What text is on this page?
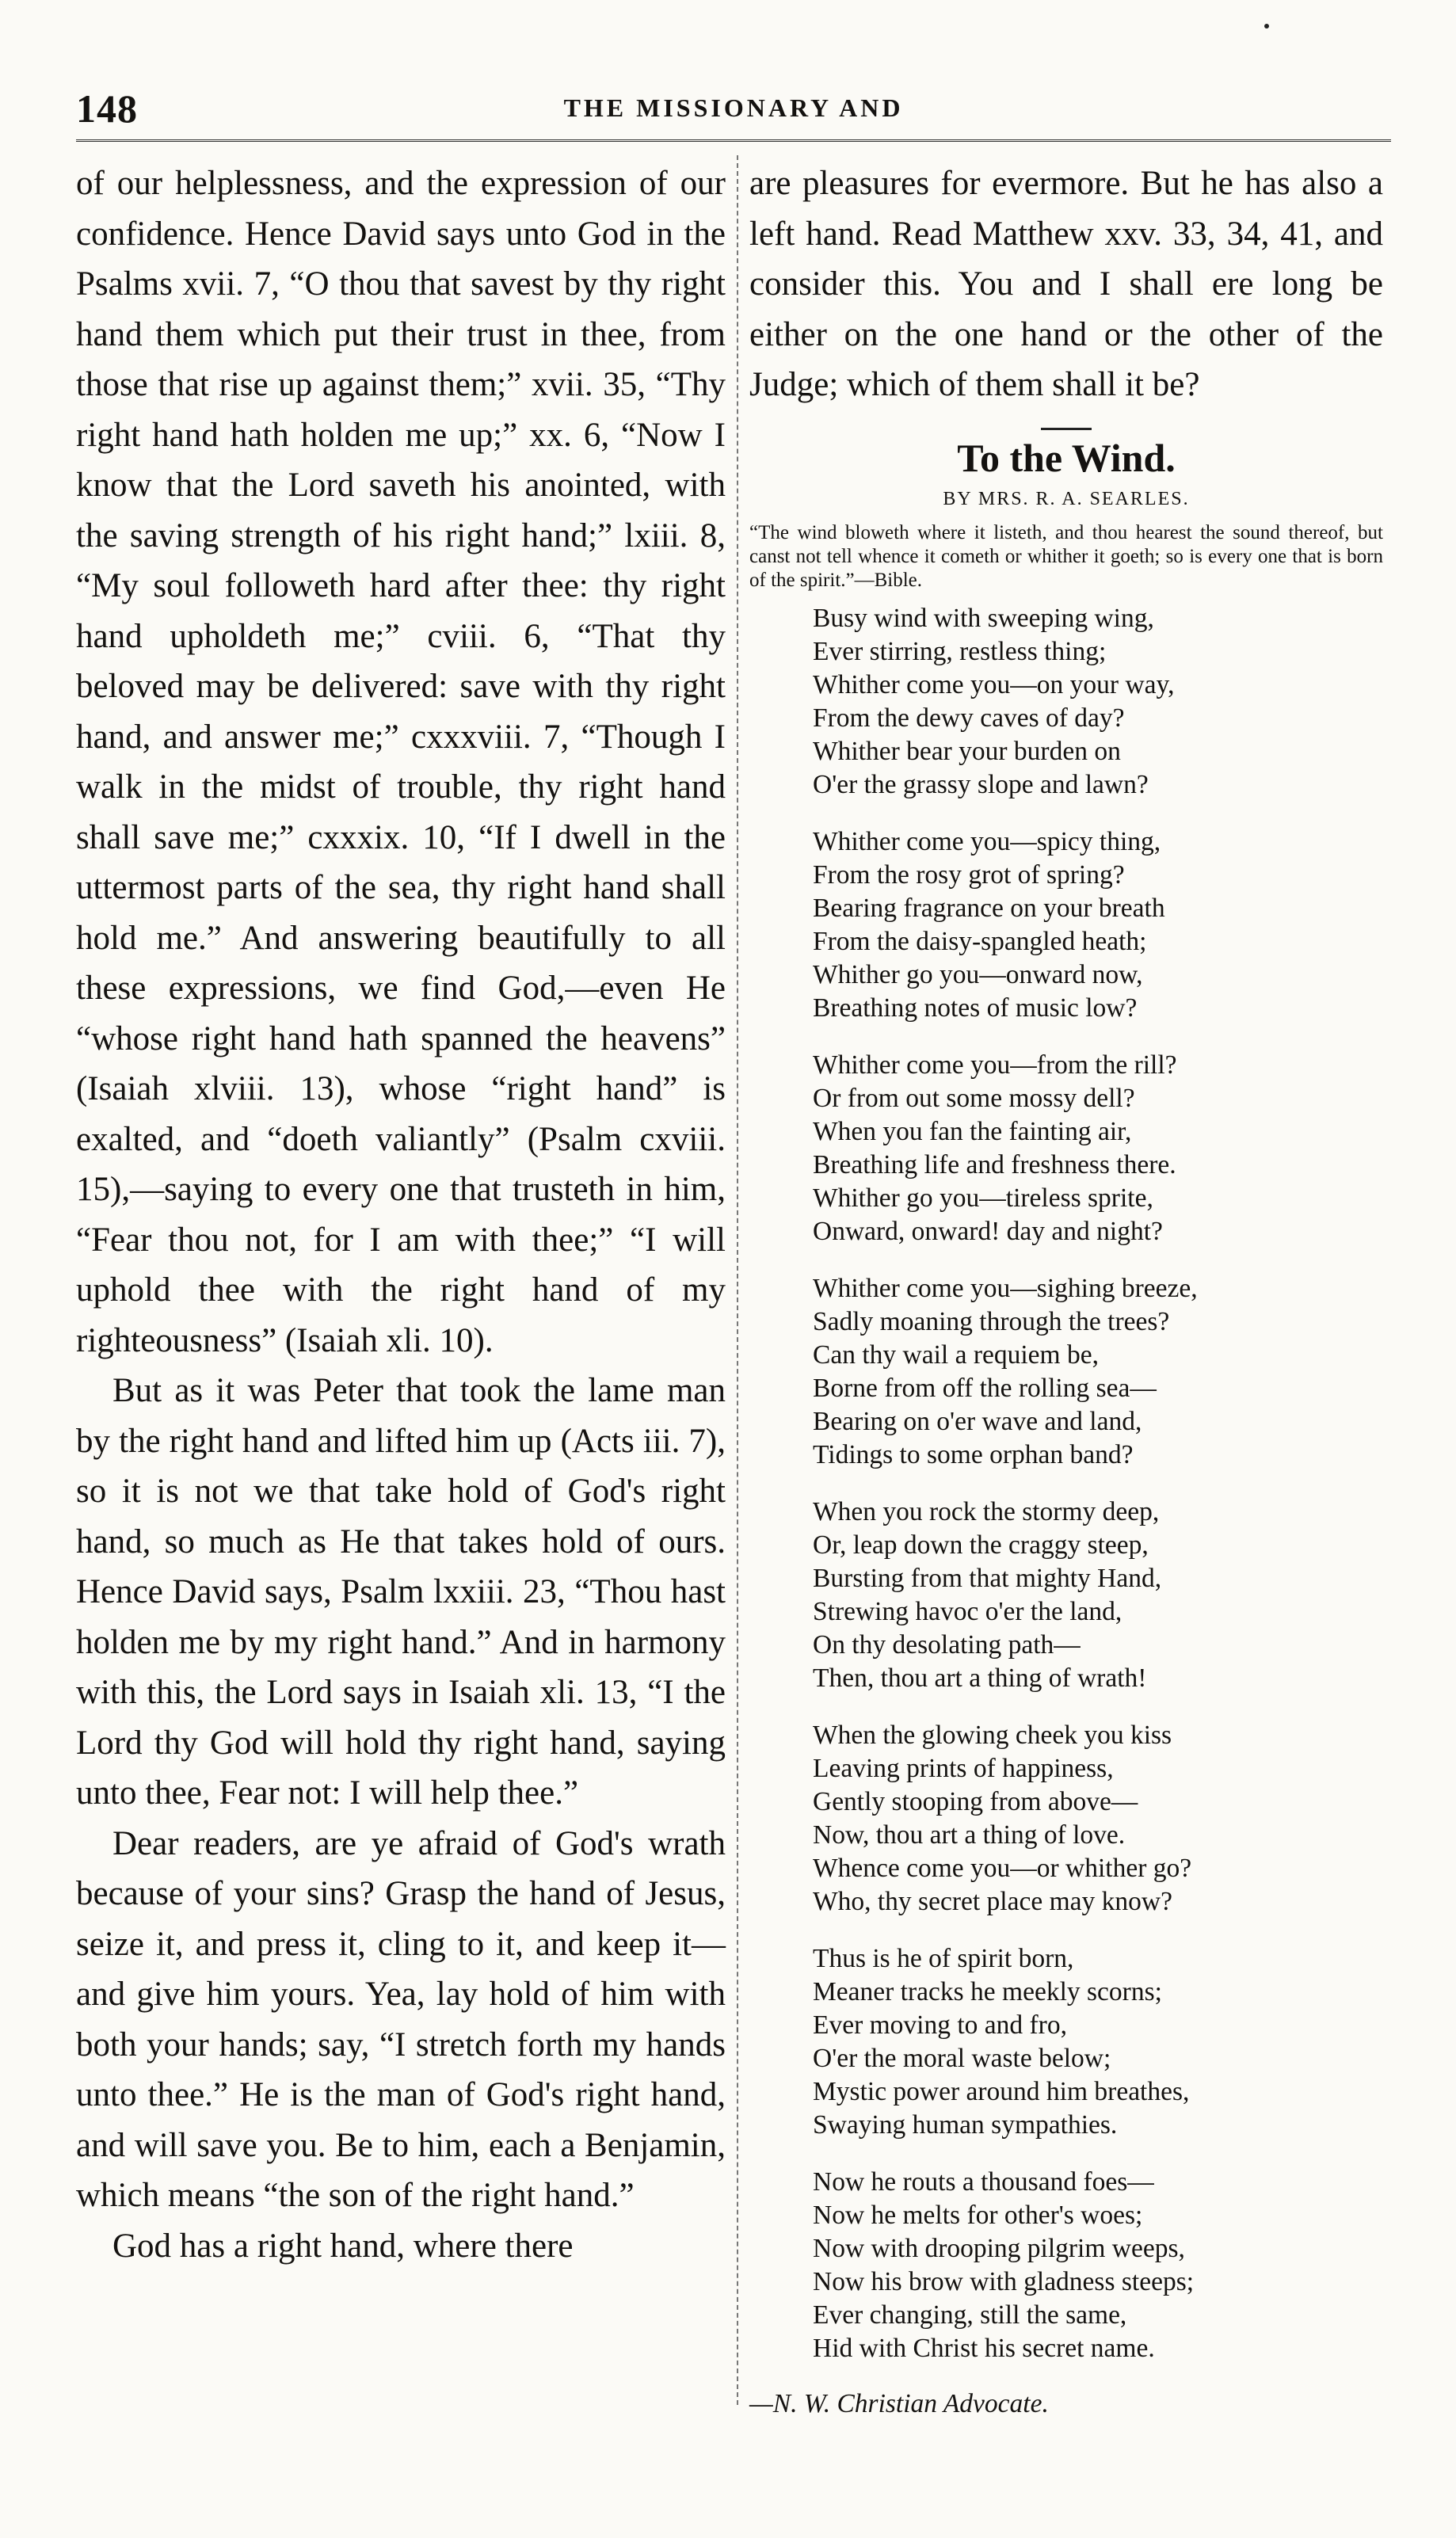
148	THE MISSIONARY AND

of our helplessness, and the expression of our confidence. Hence David says unto God in the Psalms xvii. 7, “O thou that savest by thy right hand them which put their trust in thee, from those that rise up against them;” xvii. 35, “Thy right hand hath holden me up;” xx. 6, “Now I know that the Lord saveth his anointed, with the saving strength of his right hand;” lxiii. 8, “My soul followeth hard after thee: thy right hand upholdeth me;” cviii. 6, “That thy beloved may be delivered: save with thy right hand, and answer me;” cxxxviii. 7, “Though I walk in the midst of trouble, thy right hand shall save me;” cxxxix. 10, “If I dwell in the uttermost parts of the sea, thy right hand shall hold me.” And answering beautifully to all these expressions, we find God,—even He “whose right hand hath spanned the heavens” (Isaiah xlviii. 13), whose “right hand” is exalted, and “doeth valiantly” (Psalm cxviii. 15),—saying to every one that trusteth in him, “Fear thou not, for I am with thee;” “I will uphold thee with the right hand of my righteousness” (Isaiah xli. 10).

But as it was Peter that took the lame man by the right hand and lifted him up (Acts iii. 7), so it is not we that take hold of God's right hand, so much as He that takes hold of ours. Hence David says, Psalm lxxiii. 23, “Thou hast holden me by my right hand.” And in harmony with this, the Lord says in Isaiah xli. 13, “I the Lord thy God will hold thy right hand, saying unto thee, Fear not: I will help thee.”

Dear readers, are ye afraid of God's wrath because of your sins? Grasp the hand of Jesus, seize it, and press it, cling to it, and keep it—and give him yours. Yea, lay hold of him with both your hands; say, “I stretch forth my hands unto thee.” He is the man of God's right hand, and will save you. Be to him, each a Benjamin, which means “the son of the right hand.”

God has a right hand, where there

are pleasures for evermore. But he has also a left hand. Read Matthew xxv. 33, 34, 41, and consider this. You and I shall ere long be either on the one hand or the other of the Judge; which of them shall it be?

To the Wind.
BY MRS. R. A. SEARLES.

“The wind bloweth where it listeth, and thou hearest the sound thereof, but canst not tell whence it cometh or whither it goeth; so is every one that is born of the spirit.”—Bible.

Busy wind with sweeping wing,
Ever stirring, restless thing;
Whither come you—on your way,
From the dewy caves of day?
Whither bear your burden on
O'er the grassy slope and lawn?
Whither come you—spicy thing,
From the rosy grot of spring?
Bearing fragrance on your breath
From the daisy-spangled heath;
Whither go you—onward now,
Breathing notes of music low?
Whither come you—from the rill?
Or from out some mossy dell?
When you fan the fainting air,
Breathing life and freshness there.
Whither go you—tireless sprite,
Onward, onward! day and night?
Whither come you—sighing breeze,
Sadly moaning through the trees?
Can thy wail a requiem be,
Borne from off the rolling sea—
Bearing on o'er wave and land,
Tidings to some orphan band?
When you rock the stormy deep,
Or, leap down the craggy steep,
Bursting from that mighty Hand,
Strewing havoc o'er the land,
On thy desolating path—
Then, thou art a thing of wrath!
When the glowing cheek you kiss
Leaving prints of happiness,
Gently stooping from above—
Now, thou art a thing of love.
Whence come you—or whither go?
Who, thy secret place may know?
Thus is he of spirit born,
Meaner tracks he meekly scorns;
Ever moving to and fro,
O'er the moral waste below;
Mystic power around him breathes,
Swaying human sympathies.
Now he routs a thousand foes—
Now he melts for other's woes;
Now with drooping pilgrim weeps,
Now his brow with gladness steeps;
Ever changing, still the same,
Hid with Christ his secret name.

—N. W. Christian Advocate.
